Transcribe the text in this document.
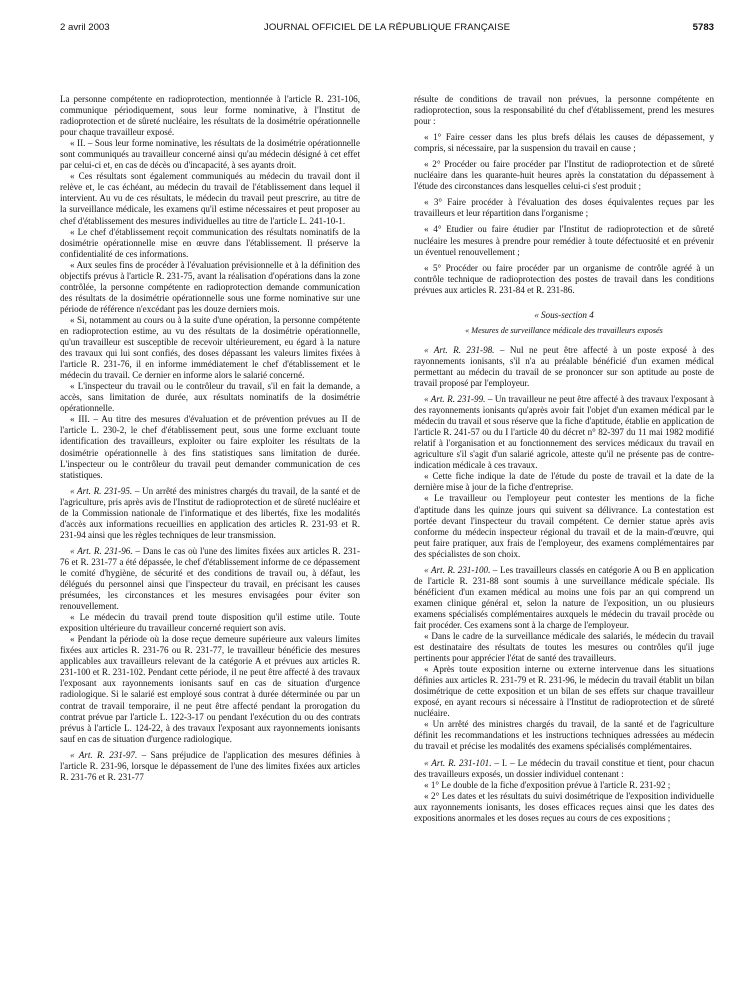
2 avril 2003	JOURNAL OFFICIEL DE LA RÉPUBLIQUE FRANÇAISE	5783

La personne compétente en radioprotection, mentionnée à l'article R. 231-106, communique périodiquement, sous leur forme nominative, à l'Institut de radioprotection et de sûreté nucléaire, les résultats de la dosimétrie opérationnelle pour chaque travailleur exposé.

« II. – Sous leur forme nominative, les résultats de la dosimétrie opérationnelle sont communiqués au travailleur concerné ainsi qu'au médecin désigné à cet effet par celui-ci et, en cas de décès ou d'incapacité, à ses ayants droit.

« Ces résultats sont également communiqués au médecin du travail dont il relève et, le cas échéant, au médecin du travail de l'établissement dans lequel il intervient. Au vu de ces résultats, le médecin du travail peut prescrire, au titre de la surveillance médicale, les examens qu'il estime nécessaires et peut proposer au chef d'établissement des mesures individuelles au titre de l'article L. 241-10-1.

« Le chef d'établissement reçoit communication des résultats nominatifs de la dosimétrie opérationnelle mise en œuvre dans l'établissement. Il préserve la confidentialité de ces informations.

« Aux seules fins de procéder à l'évaluation prévisionnelle et à la définition des objectifs prévus à l'article R. 231-75, avant la réalisation d'opérations dans la zone contrôlée, la personne compétente en radioprotection demande communication des résultats de la dosimétrie opérationnelle sous une forme nominative sur une période de référence n'excédant pas les douze derniers mois.

« Si, notamment au cours ou à la suite d'une opération, la personne compétente en radioprotection estime, au vu des résultats de la dosimétrie opérationnelle, qu'un travailleur est susceptible de recevoir ultérieurement, eu égard à la nature des travaux qui lui sont confiés, des doses dépassant les valeurs limites fixées à l'article R. 231-76, il en informe immédiatement le chef d'établissement et le médecin du travail. Ce dernier en informe alors le salarié concerné.

« L'inspecteur du travail ou le contrôleur du travail, s'il en fait la demande, a accès, sans limitation de durée, aux résultats nominatifs de la dosimétrie opérationnelle.

« III. – Au titre des mesures d'évaluation et de prévention prévues au II de l'article L. 230-2, le chef d'établissement peut, sous une forme excluant toute identification des travailleurs, exploiter ou faire exploiter les résultats de la dosimétrie opérationnelle à des fins statistiques sans limitation de durée. L'inspecteur ou le contrôleur du travail peut demander communication de ces statistiques.

« Art. R. 231-95. – Un arrêté des ministres chargés du travail, de la santé et de l'agriculture, pris après avis de l'Institut de radioprotection et de sûreté nucléaire et de la Commission nationale de l'informatique et des libertés, fixe les modalités d'accès aux informations recueillies en application des articles R. 231-93 et R. 231-94 ainsi que les règles techniques de leur transmission.

« Art. R. 231-96. – Dans le cas où l'une des limites fixées aux articles R. 231-76 et R. 231-77 a été dépassée, le chef d'établissement informe de ce dépassement le comité d'hygiène, de sécurité et des conditions de travail ou, à défaut, les délégués du personnel ainsi que l'inspecteur du travail, en précisant les causes présumées, les circonstances et les mesures envisagées pour éviter son renouvellement.

« Le médecin du travail prend toute disposition qu'il estime utile. Toute exposition ultérieure du travailleur concerné requiert son avis.

« Pendant la période où la dose reçue demeure supérieure aux valeurs limites fixées aux articles R. 231-76 ou R. 231-77, le travailleur bénéficie des mesures applicables aux travailleurs relevant de la catégorie A et prévues aux articles R. 231-100 et R. 231-102. Pendant cette période, il ne peut être affecté à des travaux l'exposant aux rayonnements ionisants sauf en cas de situation d'urgence radiologique. Si le salarié est employé sous contrat à durée déterminée ou par un contrat de travail temporaire, il ne peut être affecté pendant la prorogation du contrat prévue par l'article L. 122-3-17 ou pendant l'exécution du ou des contrats prévus à l'article L. 124-22, à des travaux l'exposant aux rayonnements ionisants sauf en cas de situation d'urgence radiologique.

« Art. R. 231-97. – Sans préjudice de l'application des mesures définies à l'article R. 231-96, lorsque le dépassement de l'une des limites fixées aux articles R. 231-76 et R. 231-77

résulte de conditions de travail non prévues, la personne compétente en radioprotection, sous la responsabilité du chef d'établissement, prend les mesures pour :

« 1° Faire cesser dans les plus brefs délais les causes de dépassement, y compris, si nécessaire, par la suspension du travail en cause ;

« 2° Procéder ou faire procéder par l'Institut de radioprotection et de sûreté nucléaire dans les quarante-huit heures après la constatation du dépassement à l'étude des circonstances dans lesquelles celui-ci s'est produit ;

« 3° Faire procéder à l'évaluation des doses équivalentes reçues par les travailleurs et leur répartition dans l'organisme ;

« 4° Etudier ou faire étudier par l'Institut de radioprotection et de sûreté nucléaire les mesures à prendre pour remédier à toute défectuosité et en prévenir un éventuel renouvellement ;

« 5° Procéder ou faire procéder par un organisme de contrôle agréé à un contrôle technique de radioprotection des postes de travail dans les conditions prévues aux articles R. 231-84 et R. 231-86.

« Sous-section 4

« Mesures de surveillance médicale des travailleurs exposés

« Art. R. 231-98. – Nul ne peut être affecté à un poste exposé à des rayonnements ionisants, s'il n'a au préalable bénéficié d'un examen médical permettant au médecin du travail de se prononcer sur son aptitude au poste de travail proposé par l'employeur.

« Art. R. 231-99. – Un travailleur ne peut être affecté à des travaux l'exposant à des rayonnements ionisants qu'après avoir fait l'objet d'un examen médical par le médecin du travail et sous réserve que la fiche d'aptitude, établie en application de l'article R. 241-57 ou du I l'article 40 du décret n° 82-397 du 11 mai 1982 modifié relatif à l'organisation et au fonctionnement des services médicaux du travail en agriculture s'il s'agit d'un salarié agricole, atteste qu'il ne présente pas de contre-indication médicale à ces travaux.

« Cette fiche indique la date de l'étude du poste de travail et la date de la dernière mise à jour de la fiche d'entreprise.

« Le travailleur ou l'employeur peut contester les mentions de la fiche d'aptitude dans les quinze jours qui suivent sa délivrance. La contestation est portée devant l'inspecteur du travail compétent. Ce dernier statue après avis conforme du médecin inspecteur régional du travail et de la main-d'œuvre, qui peut faire pratiquer, aux frais de l'employeur, des examens complémentaires par des spécialistes de son choix.

« Art. R. 231-100. – Les travailleurs classés en catégorie A ou B en application de l'article R. 231-88 sont soumis à une surveillance médicale spéciale. Ils bénéficient d'un examen médical au moins une fois par an qui comprend un examen clinique général et, selon la nature de l'exposition, un ou plusieurs examens spécialisés complémentaires auxquels le médecin du travail procède ou fait procéder. Ces examens sont à la charge de l'employeur.

« Dans le cadre de la surveillance médicale des salariés, le médecin du travail est destinataire des résultats de toutes les mesures ou contrôles qu'il juge pertinents pour apprécier l'état de santé des travailleurs.

« Après toute exposition interne ou externe intervenue dans les situations définies aux articles R. 231-79 et R. 231-96, le médecin du travail établit un bilan dosimétrique de cette exposition et un bilan de ses effets sur chaque travailleur exposé, en ayant recours si nécessaire à l'Institut de radioprotection et de sûreté nucléaire.

« Un arrêté des ministres chargés du travail, de la santé et de l'agriculture définit les recommandations et les instructions techniques adressées au médecin du travail et précise les modalités des examens spécialisés complémentaires.

« Art. R. 231-101. – I. – Le médecin du travail constitue et tient, pour chacun des travailleurs exposés, un dossier individuel contenant :

« 1° Le double de la fiche d'exposition prévue à l'article R. 231-92 ;

« 2° Les dates et les résultats du suivi dosimétrique de l'exposition individuelle aux rayonnements ionisants, les doses efficaces reçues ainsi que les dates des expositions anormales et les doses reçues au cours de ces expositions ;
